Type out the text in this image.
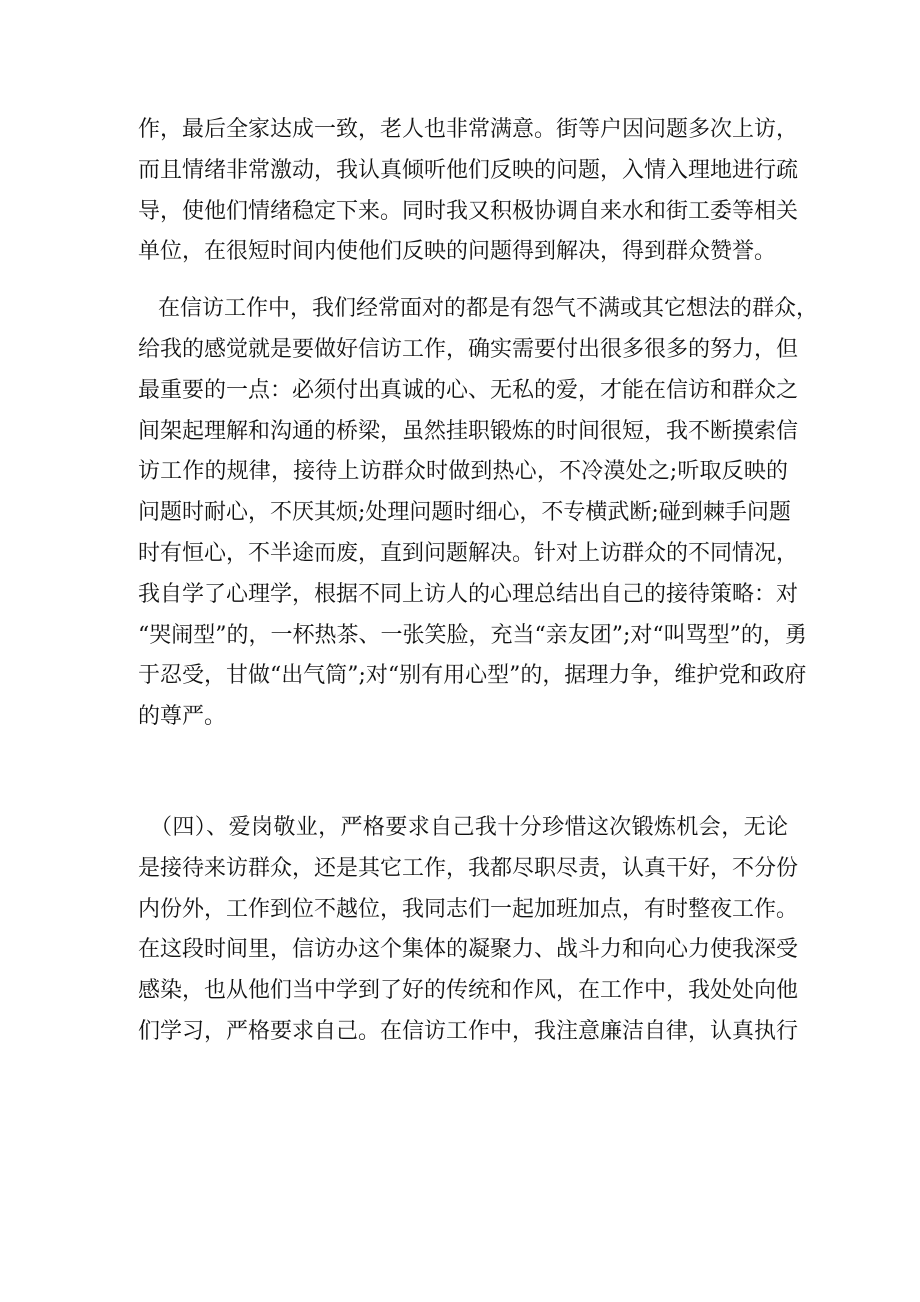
作，最后全家达成一致，老人也非常满意。街等户因问题多次上访，
而且情绪非常激动，我认真倾听他们反映的问题，入情入理地进行疏
导，使他们情绪稳定下来。同时我又积极协调自来水和街工委等相关
单位，在很短时间内使他们反映的问题得到解决，得到群众赞誉。
在信访工作中，我们经常面对的都是有怨气不满或其它想法的群众，
给我的感觉就是要做好信访工作，确实需要付出很多很多的努力，但
最重要的一点：必须付出真诚的心、无私的爱，才能在信访和群众之
间架起理解和沟通的桥梁，虽然挂职锻炼的时间很短，我不断摸索信
访工作的规律，接待上访群众时做到热心，不冷漠处之;听取反映的
问题时耐心，不厌其烦;处理问题时细心，不专横武断;碰到棘手问题
时有恒心，不半途而废，直到问题解决。针对上访群众的不同情况，
我自学了心理学，根据不同上访人的心理总结出自己的接待策略：对
“哭闹型”的，一杯热茶、一张笑脸，充当“亲友团”;对“叫骂型”的，勇
于忍受，甘做“出气筒”;对“别有用心型”的，据理力争，维护党和政府
的尊严。
（四）、爱岗敬业，严格要求自己我十分珍惜这次锻炼机会，无论
是接待来访群众，还是其它工作，我都尽职尽责，认真干好，不分份
内份外，工作到位不越位，我同志们一起加班加点，有时整夜工作。
在这段时间里，信访办这个集体的凝聚力、战斗力和向心力使我深受
感染，也从他们当中学到了好的传统和作风，在工作中，我处处向他
们学习，严格要求自己。在信访工作中，我注意廉洁自律，认真执行
